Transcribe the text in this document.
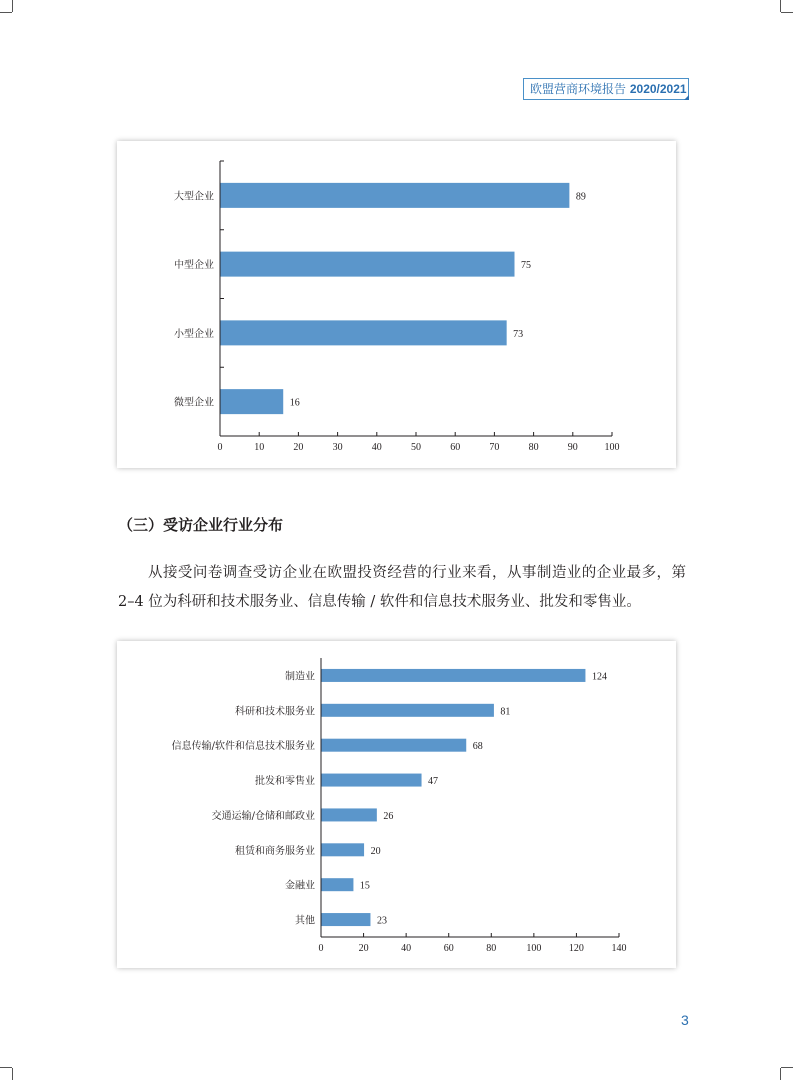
欧盟营商环境报告 2020/2021
0	10	20	30	40	50	60	70	80	90	100
大型企业	89
中型企业	75
小型企业	73
微型企业	16
（三）受访企业行业分布
从接受问卷调查受访企业在欧盟投资经营的行业来看，从事制造业的企业最多，第2–4 位为科研和技术服务业、信息传输 / 软件和信息技术服务业、批发和零售业。
0	20	40	60	80	100	120	140
制造业	124
科研和技术服务业	81
信息传输/软件和信息技术服务业	68
批发和零售业	47
交通运输/仓储和邮政业	26
租赁和商务服务业	20
金融业	15
其他	23
3
